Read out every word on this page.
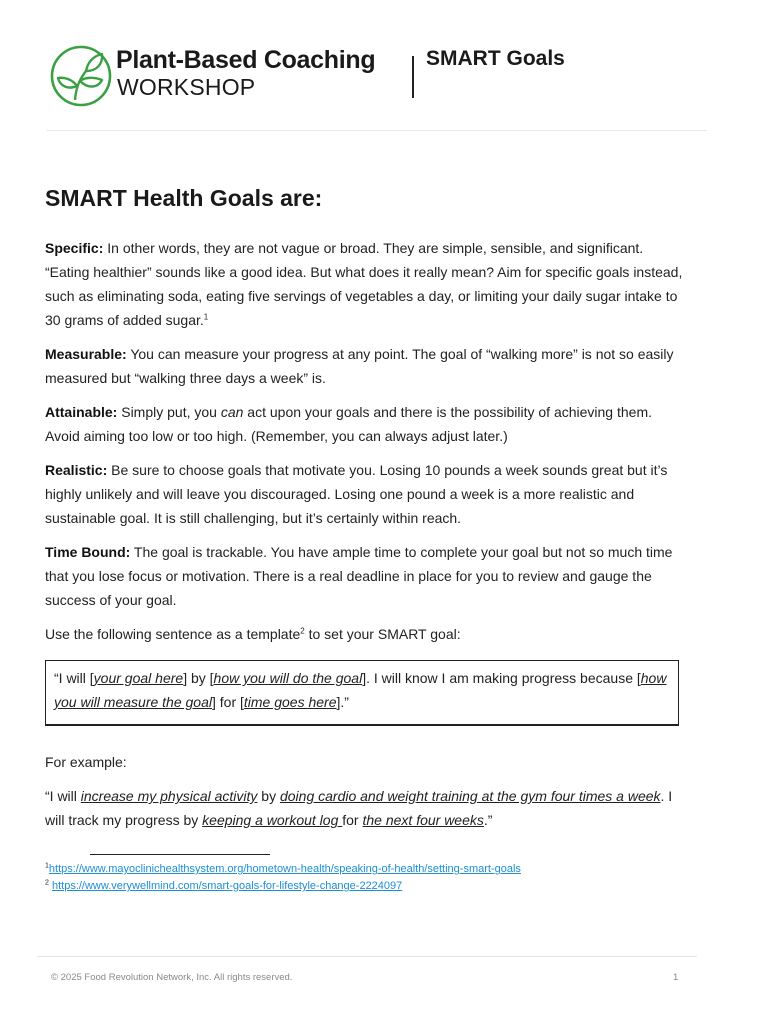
Plant-Based Coaching
WORKSHOP
SMART Goals
SMART Health Goals are:

Specific: In other words, they are not vague or broad. They are simple, sensible, and significant. “Eating healthier” sounds like a good idea. But what does it really mean? Aim for specific goals instead, such as eliminating soda, eating five servings of vegetables a day, or limiting your daily sugar intake to 30 grams of added sugar.$^1$

Measurable: You can measure your progress at any point. The goal of “walking more” is not so easily measured but “walking three days a week” is.

Attainable: Simply put, you can act upon your goals and there is the possibility of achieving them. Avoid aiming too low or too high. (Remember, you can always adjust later.)

Realistic: Be sure to choose goals that motivate you. Losing 10 pounds a week sounds great but it’s highly unlikely and will leave you discouraged. Losing one pound a week is a more realistic and sustainable goal. It is still challenging, but it’s certainly within reach.

Time Bound: The goal is trackable. You have ample time to complete your goal but not so much time that you lose focus or motivation. There is a real deadline in place for you to review and gauge the success of your goal.

Use the following sentence as a template$^2$ to set your SMART goal:

“I will [your goal here] by [how you will do the goal]. I will know I am making progress because [how you will measure the goal] for [time goes here].”

For example:

“I will increase my physical activity by doing cardio and weight training at the gym four times a week. I will track my progress by keeping a workout log for the next four weeks.”

$^1$https://www.mayoclinichealthsystem.org/hometown-health/speaking-of-health/setting-smart-goals
$^2$ https://www.verywellmind.com/smart-goals-for-lifestyle-change-2224097
© 2025 Food Revolution Network, Inc. All rights reserved.	1
